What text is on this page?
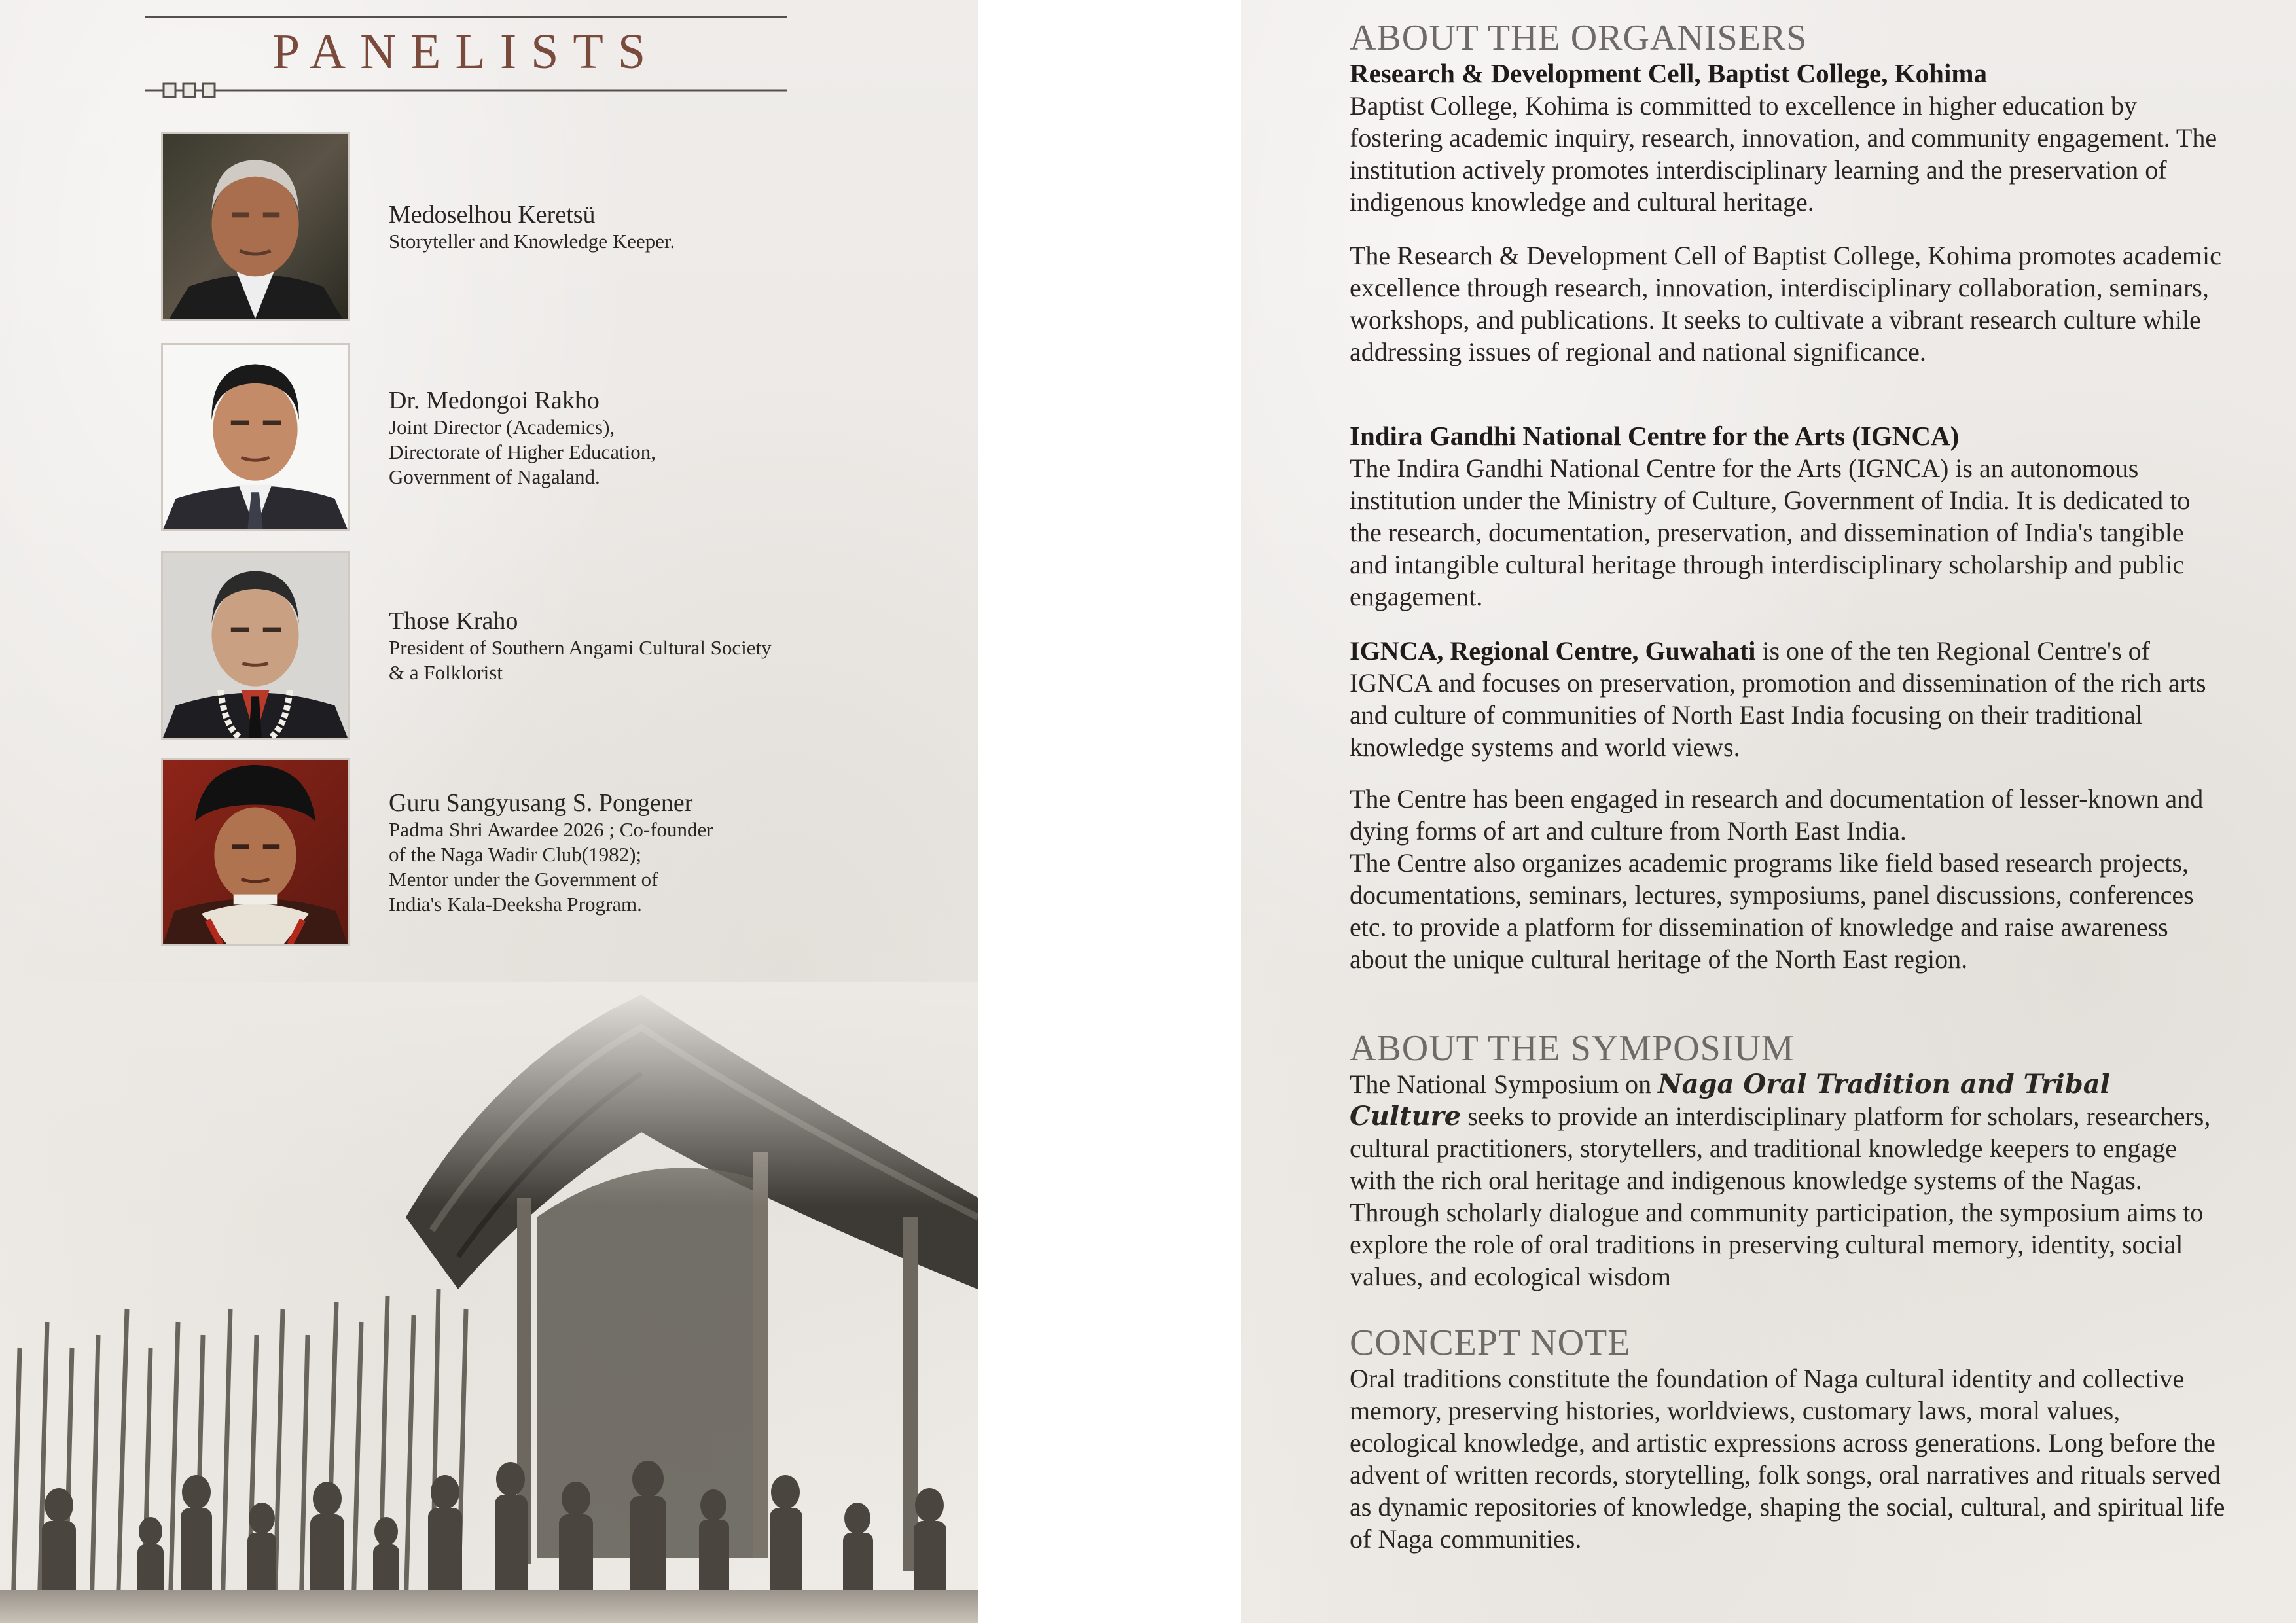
PANELISTS
Medoselhou Keretsü
Storyteller and Knowledge Keeper.
Dr. Medongoi Rakho
Joint Director (Academics),
Directorate of Higher Education,
Government of Nagaland.
Those Kraho
President of Southern Angami Cultural Society
& a Folklorist
Guru Sangyusang S. Pongener
Padma Shri Awardee 2026 ; Co-founder
of the Naga Wadir Club(1982);
Mentor under the Government of
India's Kala-Deeksha Program.
ABOUT THE ORGANISERS
Research & Development Cell, Baptist College, Kohima

Baptist College, Kohima is committed to excellence in higher education by fostering academic inquiry, research, innovation, and community engagement. The institution actively promotes interdisciplinary learning and the preservation of indigenous knowledge and cultural heritage.

The Research & Development Cell of Baptist College, Kohima promotes academic excellence through research, innovation, interdisciplinary collaboration, seminars, workshops, and publications. It seeks to cultivate a vibrant research culture while addressing issues of regional and national significance.

Indira Gandhi National Centre for the Arts (IGNCA)

The Indira Gandhi National Centre for the Arts (IGNCA) is an autonomous institution under the Ministry of Culture, Government of India. It is dedicated to the research, documentation, preservation, and dissemination of India's tangible and intangible cultural heritage through interdisciplinary scholarship and public engagement.

IGNCA, Regional Centre, Guwahati is one of the ten Regional Centre's of IGNCA and focuses on preservation, promotion and dissemination of the rich arts and culture of communities of North East India focusing on their traditional knowledge systems and world views.

The Centre has been engaged in research and documentation of lesser-known and dying forms of art and culture from North East India.

The Centre also organizes academic programs like field based research projects, documentations, seminars, lectures, symposiums, panel discussions, conferences etc. to provide a platform for dissemination of knowledge and raise awareness about the unique cultural heritage of the North East region.

ABOUT THE SYMPOSIUM

The National Symposium on Naga Oral Tradition and Tribal Culture seeks to provide an interdisciplinary platform for scholars, researchers, cultural practitioners, storytellers, and traditional knowledge keepers to engage with the rich oral heritage and indigenous knowledge systems of the Nagas. Through scholarly dialogue and community participation, the symposium aims to explore the role of oral traditions in preserving cultural memory, identity, social values, and ecological wisdom

CONCEPT NOTE

Oral traditions constitute the foundation of Naga cultural identity and collective memory, preserving histories, worldviews, customary laws, moral values, ecological knowledge, and artistic expressions across generations. Long before the advent of written records, storytelling, folk songs, oral narratives and rituals served as dynamic repositories of knowledge, shaping the social, cultural, and spiritual life of Naga communities.
